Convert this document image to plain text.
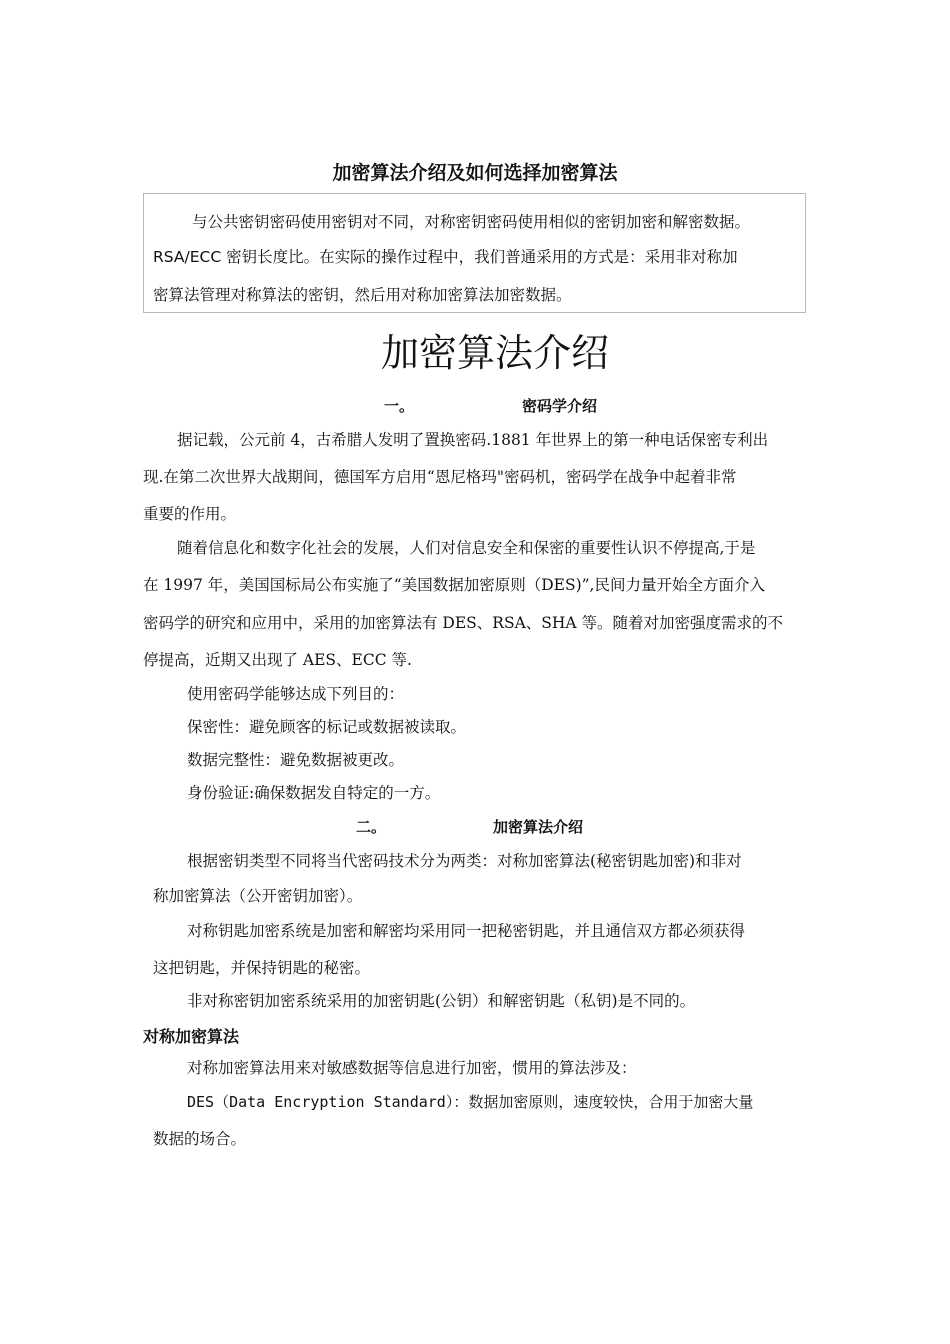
加密算法介绍及如何选择加密算法
与公共密钥密码使用密钥对不同，对称密钥密码使用相似的密钥加密和解密数据。
RSA/ECC 密钥长度比。在实际的操作过程中，我们普通采用的方式是：采用非对称加
密算法管理对称算法的密钥，然后用对称加密算法加密数据。
加密算法介绍
一。	密码学介绍
据记载，公元前 4，古希腊人发明了置换密码.1881 年世界上的第一种电话保密专利出
现.在第二次世界大战期间，德国军方启用“恩尼格玛"密码机，密码学在战争中起着非常
重要的作用。
随着信息化和数字化社会的发展，人们对信息安全和保密的重要性认识不停提高,于是
在 1997 年，美国国标局公布实施了“美国数据加密原则（DES)”,民间力量开始全方面介入
密码学的研究和应用中，采用的加密算法有 DES、RSA、SHA 等。随着对加密强度需求的不
停提高，近期又出现了 AES、ECC 等.
使用密码学能够达成下列目的：
保密性：避免顾客的标记或数据被读取。
数据完整性：避免数据被更改。
身份验证:确保数据发自特定的一方。
二。	加密算法介绍
根据密钥类型不同将当代密码技术分为两类：对称加密算法(秘密钥匙加密)和非对
称加密算法（公开密钥加密）。
对称钥匙加密系统是加密和解密均采用同一把秘密钥匙，并且通信双方都必须获得
这把钥匙，并保持钥匙的秘密。
非对称密钥加密系统采用的加密钥匙(公钥）和解密钥匙（私钥)是不同的。
对称加密算法
对称加密算法用来对敏感数据等信息进行加密，惯用的算法涉及：
DES（Data Encryption Standard）：数据加密原则，速度较快，合用于加密大量
数据的场合。
